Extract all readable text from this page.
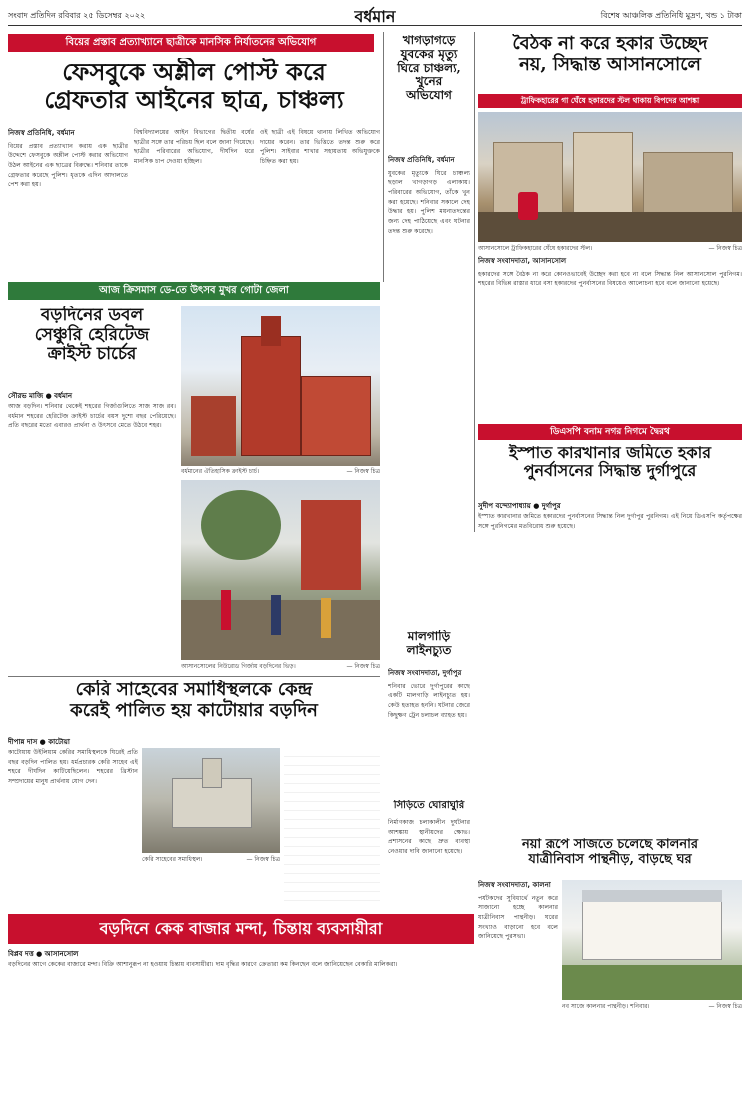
সংবাদ প্রতিদিন রবিবার ২৫ ডিসেম্বর ২০২২	বর্ধমান	বিশেষ আঞ্চলিক প্রতিনিধি মুদ্রণ, খন্ড ১ টাকা
বিয়ের প্রস্তাব প্রত্যাখ্যানে ছাত্রীকে মানসিক নির্যাতনের অভিযোগ
ফেসবুকে অশ্লীল পোস্ট করে
গ্রেফতার আইনের ছাত্র, চাঞ্চল্য

নিজস্ব প্রতিনিধি, বর্ধমান

বিয়ের প্রস্তাব প্রত্যাখ্যান করায় এক ছাত্রীর উদ্দেশে ফেসবুকে অশ্লীল পোস্ট করার অভিযোগ উঠল আইনের এক ছাত্রের বিরুদ্ধে। শনিবার তাকে গ্রেফতার করেছে পুলিশ। ধৃতকে এদিন আদালতে পেশ করা হয়।

বিশ্ববিদ্যালয়ের আইন বিভাগের দ্বিতীয় বর্ষের ছাত্রীর সঙ্গে তার পরিচয় ছিল বলে জানা গিয়েছে। ছাত্রীর পরিবারের অভিযোগ, দীর্ঘদিন ধরে মানসিক চাপ দেওয়া হচ্ছিল।

ওই ছাত্রী এই বিষয়ে থানায় লিখিত অভিযোগ দায়ের করেন। তার ভিত্তিতে তদন্ত শুরু করে পুলিশ। সাইবার শাখার সহায়তায় অভিযুক্তকে চিহ্নিত করা হয়।

খাগড়াগড়ে
যুবকের মৃত্যু
ঘিরে চাঞ্চল্য,
খুনের
অভিযোগ

নিজস্ব প্রতিনিধি, বর্ধমান

যুবকের মৃত্যুকে ঘিরে চাঞ্চল্য ছড়াল খাগড়াগড় এলাকায়। পরিবারের অভিযোগ, তাঁকে খুন করা হয়েছে। শনিবার সকালে দেহ উদ্ধার হয়। পুলিশ ময়নাতদন্তের জন্য দেহ পাঠিয়েছে এবং ঘটনার তদন্ত শুরু করেছে।

বৈঠক না করে হকার উচ্ছেদ
নয়, সিদ্ধান্ত আসানসোলে
ট্রাফিকহারের গা ঘেঁষে হকারদের স্টল থাকায় বিপদের আশঙ্কা
আসানসোলে ট্রাফিকহারের ঘেঁষে হকারদের স্টল।	— নিজস্ব চিত্র

নিজস্ব সংবাদদাতা, আসানসোল

হকারদের সঙ্গে বৈঠক না করে কোনওভাবেই উচ্ছেদ করা হবে না বলে সিদ্ধান্ত নিল আসানসোল পুরনিগম। শহরের বিভিন্ন রাস্তার ধারে বসা হকারদের পুনর্বাসনের বিষয়েও আলোচনা হবে বলে জানানো হয়েছে।

আজ ক্রিসমাস ডে-তে উৎসব মুখর গোটা জেলা
বড়দিনের ডবল
সেঞ্চুরি হেরিটেজ
ক্রাইস্ট চার্চের
সৌরভ মাজি ● বর্ধমান

আজ বড়দিন। শনিবার থেকেই শহরের গির্জাগুলিতে সাজ সাজ রব। বর্ধমান শহরের হেরিটেজ ক্রাইস্ট চার্চের বয়স দুশো বছর পেরিয়েছে। প্রতি বছরের মতো এবারও প্রার্থনা ও উৎসবে মেতে উঠবে শহর।

বর্ধমানের ঐতিহাসিক ক্রাইস্ট চার্চ।	— নিজস্ব চিত্র
আসানসোলের নিউরোড গির্জায় বড়দিনের ভিড়।	— নিজস্ব চিত্র
ডিএসপি বনাম নগর নিগমে দ্বৈরথ
ইস্পাত কারখানার জমিতে হকার
পুনর্বাসনের সিদ্ধান্ত দুর্গাপুরে
সুদীপ বন্দ্যোপাধ্যায় ● দুর্গাপুর

ইস্পাত কারখানার জমিতে হকারদের পুনর্বাসনের সিদ্ধান্ত নিল দুর্গাপুর পুরনিগম। এই নিয়ে ডিএসপি কর্তৃপক্ষের সঙ্গে পুরনিগমের মতবিরোধ শুরু হয়েছে।

মালগাড়ি
লাইনচ্যুত

নিজস্ব সংবাদদাতা, দুর্গাপুর

শনিবার ভোরে দুর্গাপুরের কাছে একটি মালগাড়ি লাইনচ্যুত হয়। কেউ হতাহত হননি। ঘটনার জেরে কিছুক্ষণ ট্রেন চলাচল ব্যাহত হয়।

সিঁড়িতে ঘোরাঘুরি

নির্মাণকাজ চলাকালীন দুর্ঘটনার আশঙ্কায় স্থানীয়দের ক্ষোভ। প্রশাসনের কাছে দ্রুত ব্যবস্থা নেওয়ার দাবি জানানো হয়েছে।

কেরি সাহেবের সমাধিস্থলকে কেন্দ্র
করেই পালিত হয় কাটোয়ার বড়দিন
দীপান্ন দাস ● কাটোয়া

কাটোয়ায় উইলিয়াম কেরির সমাধিস্থলকে ঘিরেই প্রতি বছর বড়দিন পালিত হয়। ধর্মপ্রচারক কেরি সাহেব এই শহরে দীর্ঘদিন কাটিয়েছিলেন। শহরের খ্রিস্টান সম্প্রদায়ের মানুষ প্রার্থনায় যোগ দেন।

কেরি সাহেবের সমাধিস্থল।	— নিজস্ব চিত্র
নয়া রূপে সাজতে চলেছে কালনার
যাত্রীনিবাস পান্থনীড়, বাড়ছে ঘর

নিজস্ব সংবাদদাতা, কালনা

পর্যটকদের সুবিধার্থে নতুন করে সাজানো হচ্ছে কালনার যাত্রীনিবাস পান্থনীড়। ঘরের সংখ্যাও বাড়ানো হবে বলে জানিয়েছে পুরসভা।

নব সাজে কালনার পান্থনীড়। শনিবার।	— নিজস্ব চিত্র
বড়দিনে কেক বাজার মন্দা, চিন্তায় ব্যবসায়ীরা
বিপ্লব দত্ত ● আসানসোল

বড়দিনের আগে কেকের বাজারে মন্দা। বিক্রি আশানুরূপ না হওয়ায় চিন্তায় ব্যবসায়ীরা। দাম বৃদ্ধির কারণে ক্রেতারা কম কিনছেন বলে জানিয়েছেন বেকারি মালিকরা।
